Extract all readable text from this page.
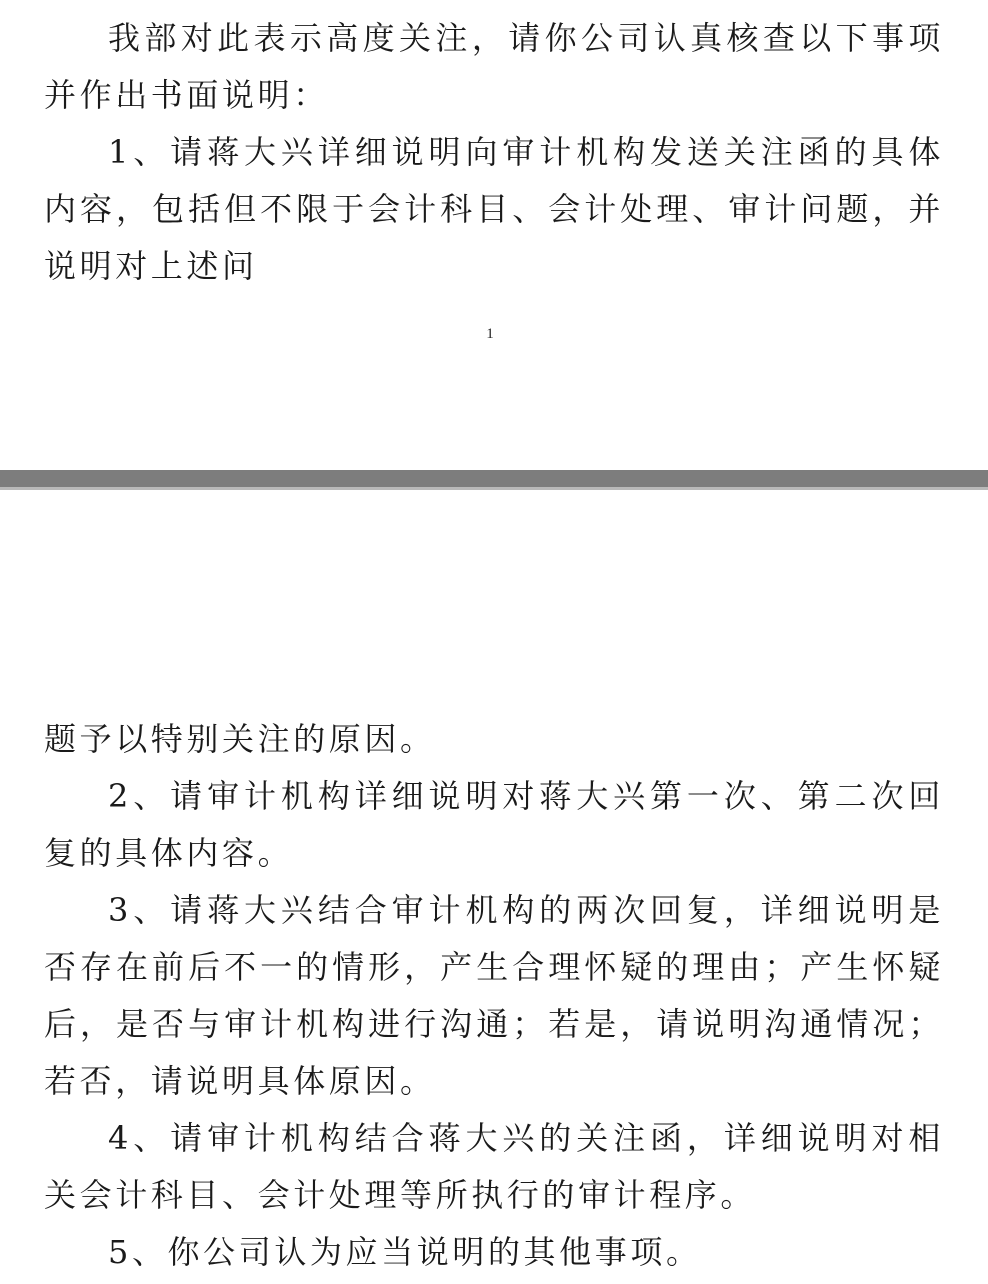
我部对此表示高度关注，请你公司认真核查以下事项并作出书面说明：

1、请蒋大兴详细说明向审计机构发送关注函的具体内容，包括但不限于会计科目、会计处理、审计问题，并说明对上述问

1

题予以特别关注的原因。

2、请审计机构详细说明对蒋大兴第一次、第二次回复的具体内容。

3、请蒋大兴结合审计机构的两次回复，详细说明是否存在前后不一的情形，产生合理怀疑的理由；产生怀疑后，是否与审计机构进行沟通；若是，请说明沟通情况；若否，请说明具体原因。

4、请审计机构结合蒋大兴的关注函，详细说明对相关会计科目、会计处理等所执行的审计程序。

5、你公司认为应当说明的其他事项。
